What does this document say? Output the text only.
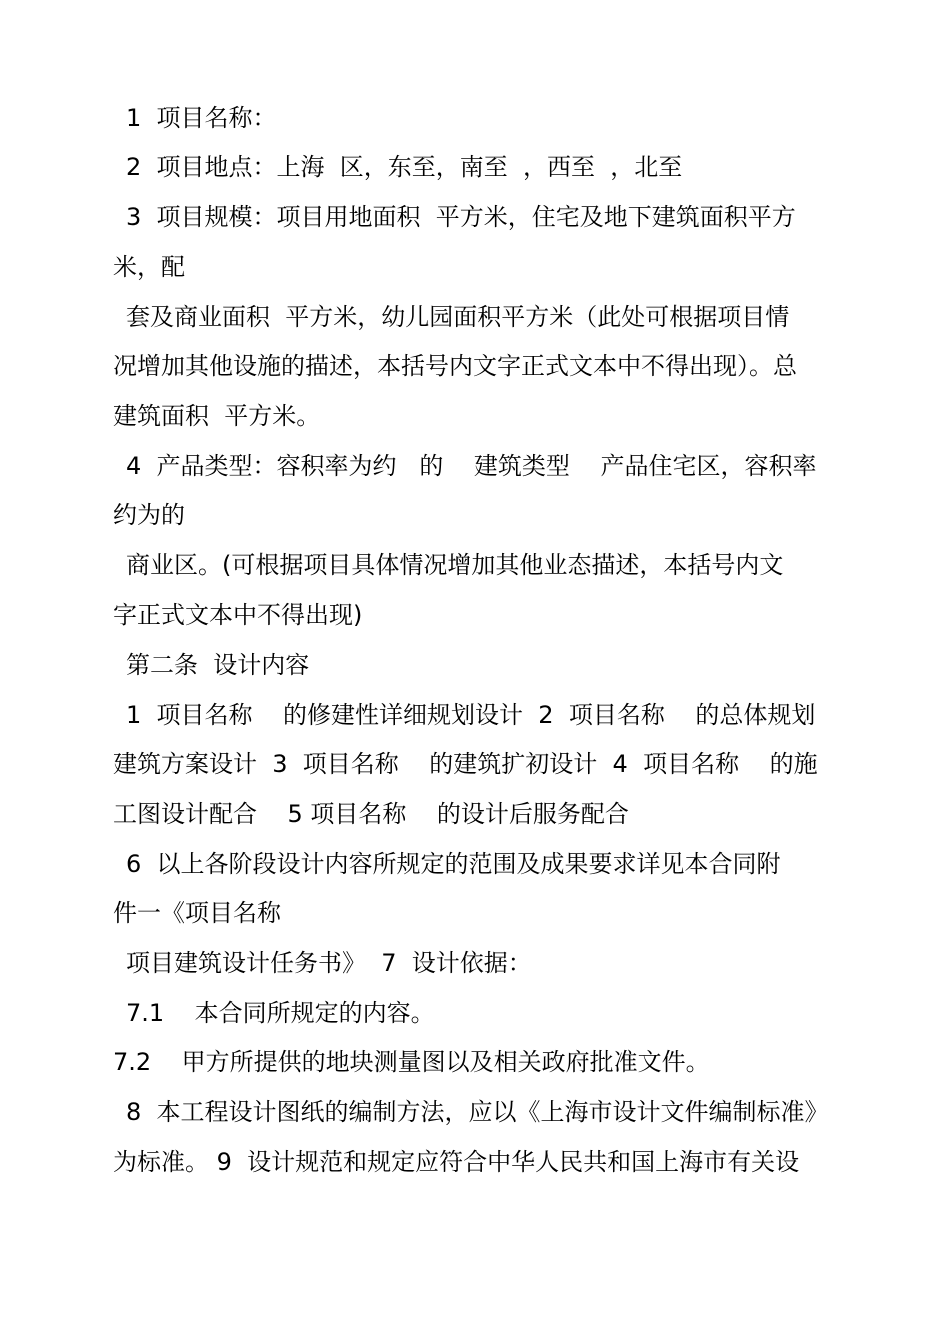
1  项目名称：
2  项目地点：上海  区，东至，南至  ，西至  ，北至
3  项目规模：项目用地面积  平方米，住宅及地下建筑面积平方
米，配
套及商业面积  平方米，幼儿园面积平方米（此处可根据项目情
况增加其他设施的描述，本括号内文字正式文本中不得出现）。总
建筑面积  平方米。
4  产品类型：容积率为约   的    建筑类型    产品住宅区，容积率
约为的
商业区。(可根据项目具体情况增加其他业态描述，本括号内文
字正式文本中不得出现)
第二条  设计内容
1  项目名称    的修建性详细规划设计  2  项目名称    的总体规划
建筑方案设计  3  项目名称    的建筑扩初设计  4  项目名称    的施
工图设计配合    5 项目名称    的设计后服务配合
6  以上各阶段设计内容所规定的范围及成果要求详见本合同附
件一《项目名称
项目建筑设计任务书》  7  设计依据：
7.1    本合同所规定的内容。
7.2    甲方所提供的地块测量图以及相关政府批准文件。
8  本工程设计图纸的编制方法，应以《上海市设计文件编制标准》
为标准。 9  设计规范和规定应符合中华人民共和国上海市有关设
